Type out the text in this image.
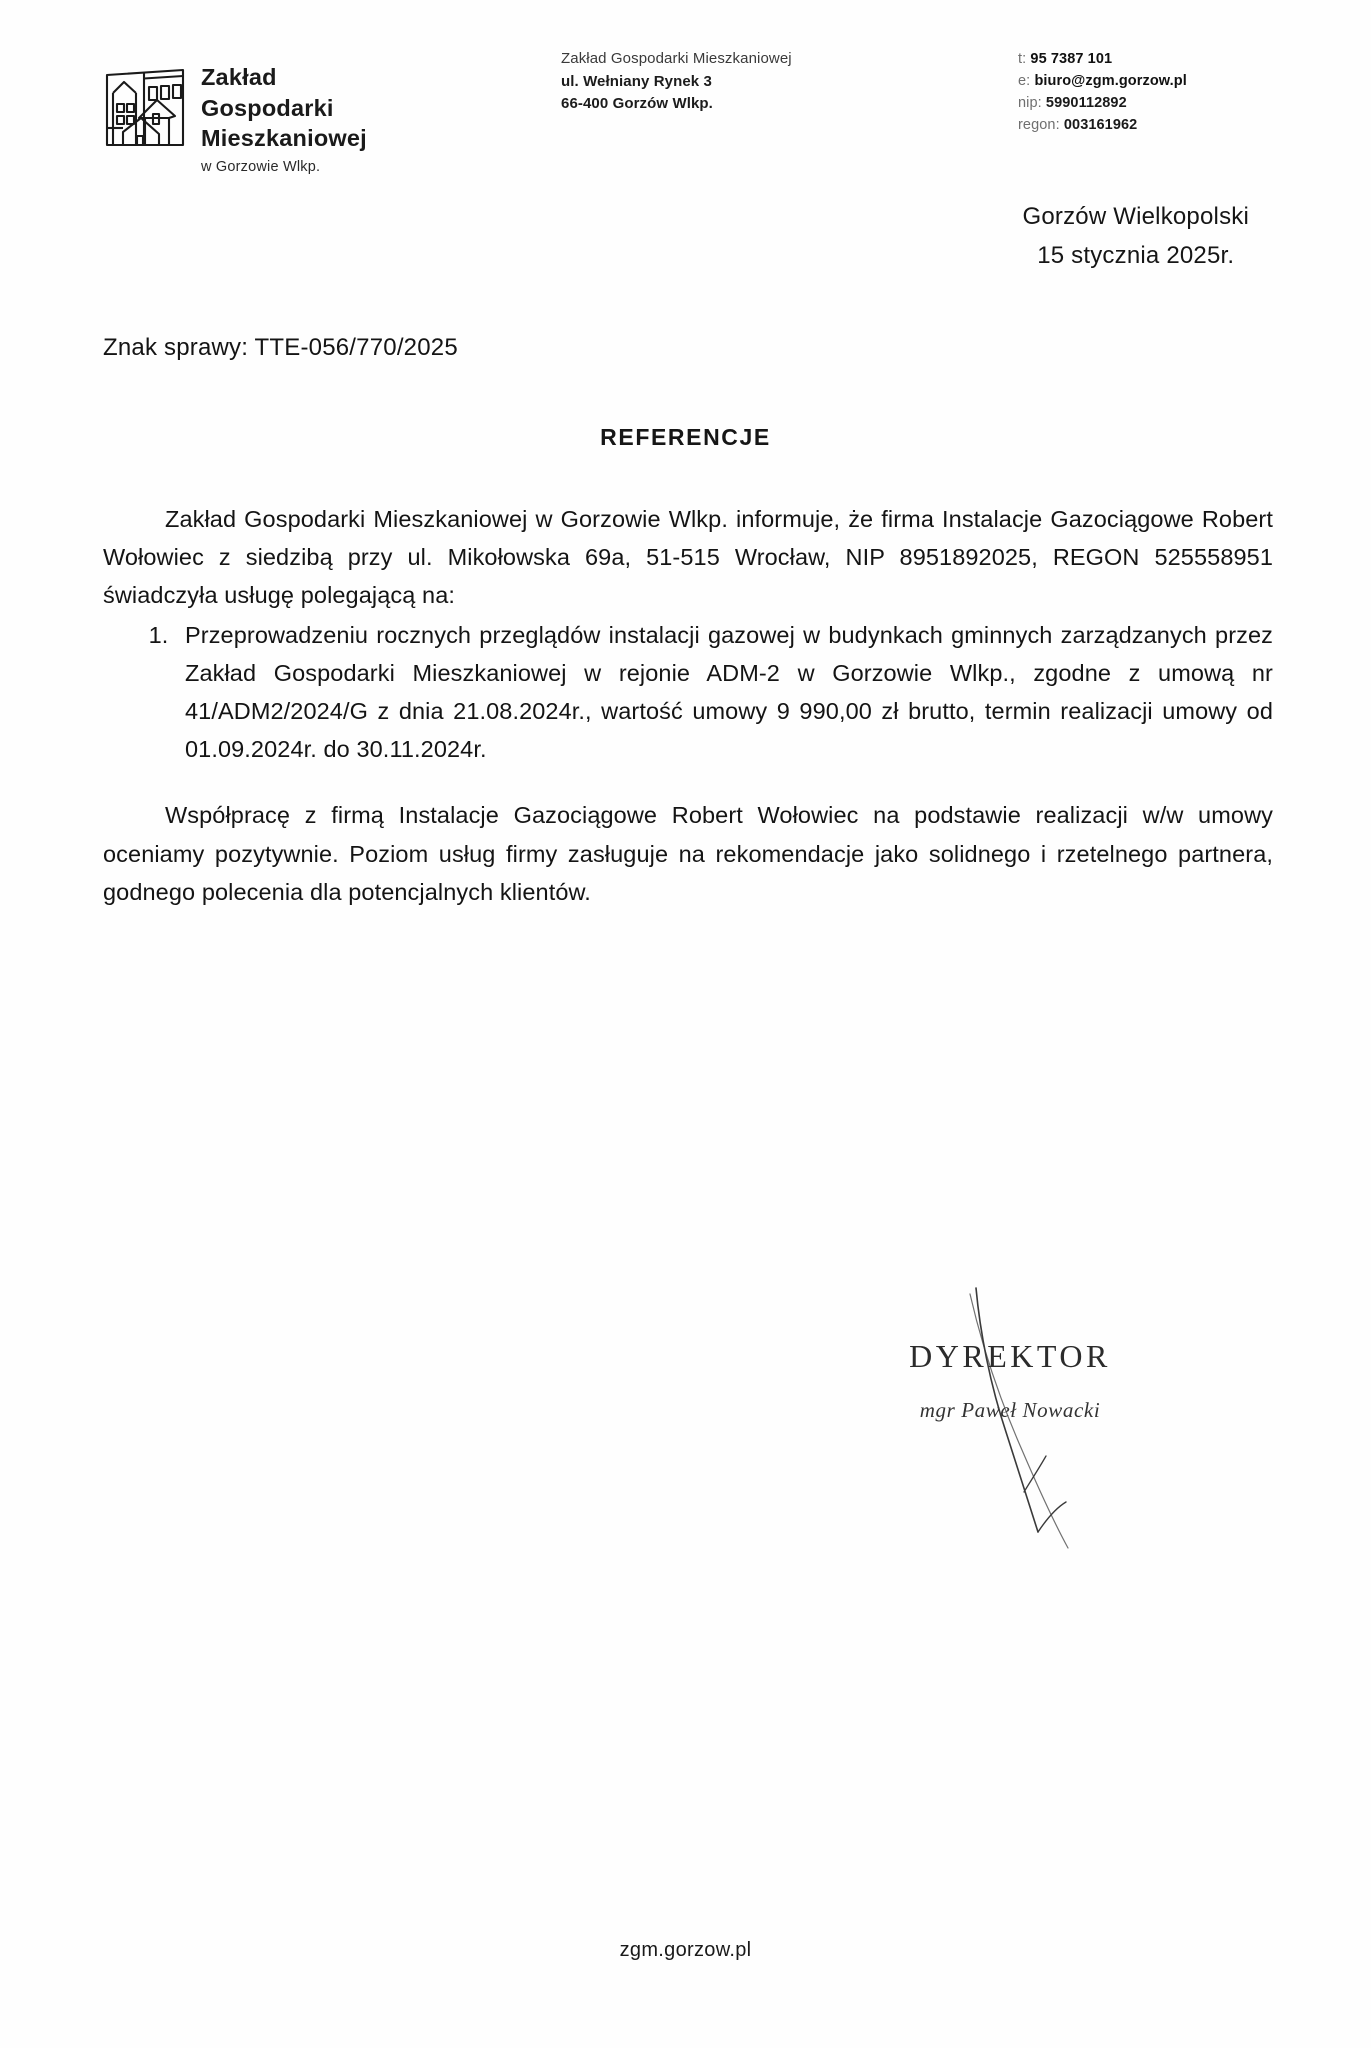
Zakład
Gospodarki
Mieszkaniowej
w Gorzowie Wlkp.
Zakład Gospodarki Mieszkaniowej
ul. Wełniany Rynek 3
66-400 Gorzów Wlkp.
t: 95 7387 101
e: biuro@zgm.gorzow.pl
nip: 5990112892
regon: 003161962
Gorzów Wielkopolski
15 stycznia 2025r.
Znak sprawy: TTE-056/770/2025
REFERENCJE

Zakład Gospodarki Mieszkaniowej w Gorzowie Wlkp. informuje, że firma Instalacje Gazociągowe Robert Wołowiec z siedzibą przy ul. Mikołowska 69a, 51-515 Wrocław, NIP 8951892025, REGON 525558951 świadczyła usługę polegającą na:

1. Przeprowadzeniu rocznych przeglądów instalacji gazowej w budynkach gminnych zarządzanych przez Zakład Gospodarki Mieszkaniowej w rejonie ADM-2 w Gorzowie Wlkp., zgodne z umową nr 41/ADM2/2024/G z dnia 21.08.2024r., wartość umowy 9 990,00 zł brutto, termin realizacji umowy od 01.09.2024r. do 30.11.2024r.

Współpracę z firmą Instalacje Gazociągowe Robert Wołowiec na podstawie realizacji w/w umowy oceniamy pozytywnie. Poziom usług firmy zasługuje na rekomendacje jako solidnego i rzetelnego partnera, godnego polecenia dla potencjalnych klientów.

DYREKTOR
mgr Paweł Nowacki
zgm.gorzow.pl
